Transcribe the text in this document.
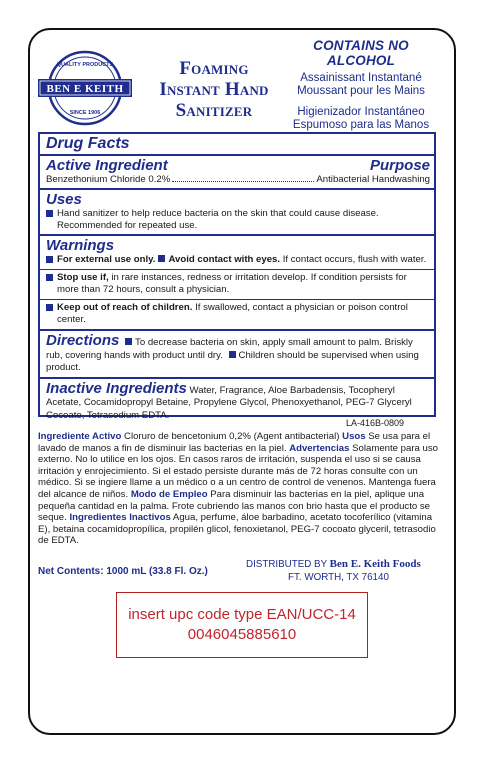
QUALITY PRODUCTS
BEN E KEITH
SINCE 1906
Foaming
Instant Hand
Sanitizer
CONTAINS NO ALCOHOL
Assainissant Instantané
Moussant pour les Mains
Higienizador Instantáneo
Espumoso para las Manos
Drug Facts
Active Ingredient	Purpose
Benzethonium Chloride 0.2%	Antibacterial Handwashing
Uses
Hand sanitizer to help reduce bacteria on the skin that could cause disease. Recommended for repeated use.
Warnings
For external use only. Avoid contact with eyes. If contact occurs, flush with water.
Stop use if, in rare instances, redness or irritation develop. If condition persists for more than 72 hours, consult a physician.
Keep out of reach of children. If swallowed, contact a physician or poison control center.
Directions To decrease bacteria on skin, apply small amount to palm. Briskly rub, covering hands with product until dry. Children should be supervised when using product.
Inactive Ingredients Water, Fragrance, Aloe Barbadensis, Tocopheryl Acetate, Cocamidopropyl Betaine, Propylene Glycol, Phenoxyethanol, PEG-7 Glyceryl Cocoate, Tetrasodium EDTA.
LA-416B-0809
Ingrediente Activo Cloruro de bencetonium 0,2% (Agent antibacterial) Usos Se usa para el lavado de manos a fin de disminuir las bacterias en la piel. Advertencias Solamente para uso externo. No lo utilice en los ojos. En casos raros de irritación, suspenda el uso si se causa irritación y enrojecimiento. Si el estado persiste durante más de 72 horas consulte con un médico. Si se ingiere llame a un médico o a un centro de control de venenos. Mantenga fuera del alcance de niños. Modo de Empleo Para disminuir las bacterias en la piel, aplique una pequeña cantidad en la palma. Frote cubriendo las manos con brio hasta que el producto se seque. Ingredientes Inactivos Agua, perfume, áloe barbadino, acetato tocoferílico (vitamina E), betaina cocamidopropílica, propilén glicol, fenoxietanol, PEG-7 cocoato glyceril, tetrasodio de EDTA.
Net Contents: 1000 mL (33.8 Fl. Oz.)
DISTRIBUTED BY Ben E. Keith Foods
FT. WORTH, TX 76140
insert upc code type EAN/UCC-14
0046045885610
